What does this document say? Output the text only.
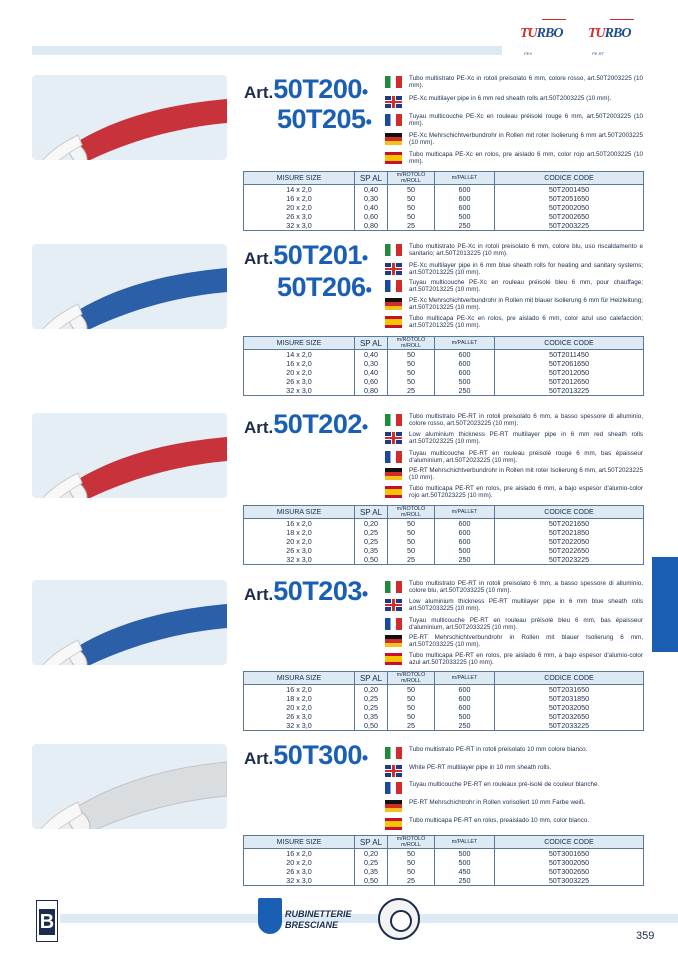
TURBO
PEX
TURBO
PE-RT
Art.50T200•
50T205•
Tubo multistrato PE-Xc in rotoli preisolato 6 mm, colore rosso, art.50T2003225 (10 mm).
PE-Xc multilayer pipe in 6 mm red sheath rolls art.50T2003225 (10 mm).
Tuyau multicouche PE-Xc en rouleau préisolé rouge 6 mm, art.50T2003225 (10 mm).
PE-Xc Mehrschichtverbundrohr in Rollen mit roter Isolierung 6 mm art.50T2003225 (10 mm).
Tubo multicapa PE-Xc en rolos, pre aislado 6 mm, color rojo art.50T2003225 (10 mm).
MISURE SIZE	SP AL	m/ROTOLO m/ROLL	m/PALLET	CODICE CODE
14 x 2,0	0,40	50	600	50T2001450
16 x 2,0	0,30	50	600	50T2051650
20 x 2,0	0,40	50	600	50T2002050
26 x 3,0	0,60	50	500	50T2002650
32 x 3,0	0,80	25	250	50T2003225
Art.50T201•
50T206•
Tubo multistrato PE-Xc in rotoli preisolato 6 mm, colore blu, uso riscaldamento e sanitario; art.50T2013225 (10 mm).
PE-Xc multilayer pipe in 6 mm blue sheath rolls for heating and sanitary systems; art.50T2013225 (10 mm).
Tuyau multicouche PE-Xc en rouleau préisolé bleu 6 mm, pour chauffage; art.50T2013225 (10 mm).
PE-Xc Mehrschichtverbundrohr in Rollen mit blauer Isolierung 6 mm für Heizleitung; art.50T2013225 (10 mm).
Tubo multicapa PE-Xc en rolos, pre aislado 6 mm, color azul uso calefacción; art.50T2013225 (10 mm).
MISURE SIZE	SP AL	m/ROTOLO m/ROLL	m/PALLET	CODICE CODE
14 x 2,0	0,40	50	600	50T2011450
16 x 2,0	0,30	50	600	50T2061650
20 x 2,0	0,40	50	600	50T2012050
26 x 3,0	0,60	50	500	50T2012650
32 x 3,0	0,80	25	250	50T2013225
Art.50T202•
Tubo multistrato PE-RT in rotoli preisolato 6 mm, a basso spessore di alluminio, colore rosso, art.50T2023225 (10 mm).
Low aluminium thickness PE-RT multilayer pipe in 6 mm red sheath rolls art.50T2023225 (10 mm).
Tuyau multicouche PE-RT en rouleau préisolé rouge 6 mm, bas épaisseur d'aluminium, art.50T2023225 (10 mm).
PE-RT Mehrschichtverbundrohr in Rollen mit roter Isolierung 6 mm, art.50T2023225 (10 mm).
Tubo multicapa PE-RT en rolos, pre aislado 6 mm, a bajo espesor d'alumio-color rojo art.50T2023225 (10 mm).
MISURA SIZE	SP AL	m/ROTOLO m/ROLL	m/PALLET	CODICE CODE
16 x 2,0	0,20	50	600	50T2021650
18 x 2,0	0,25	50	600	50T2021850
20 x 2,0	0,25	50	600	50T2022050
26 x 3,0	0,35	50	500	50T2022650
32 x 3,0	0,50	25	250	50T2023225
Art.50T203•
Tubo multistrato PE-RT in rotoli preisolato 6 mm, a basso spessore di alluminio, colore blu, art.50T2033225 (10 mm).
Low aluminium thickness PE-RT multilayer pipe in 6 mm blue sheath rolls art.50T2033225 (10 mm).
Tuyau multicouche PE-RT en rouleau préisolé bleu 6 mm, bas épaisseur d'aluminium, art.50T2033225 (10 mm).
PE-RT Mehrschichtverbundrohr in Rollen mit blauer Isolierung 6 mm, art.50T2033225 (10 mm).
Tubo multicapa PE-RT en rolos, pre aislado 6 mm, a bajo espesor d'alumio-color azul art.50T2033225 (10 mm).
MISURA SIZE	SP AL	m/ROTOLO m/ROLL	m/PALLET	CODICE CODE
16 x 2,0	0,20	50	600	50T2031650
18 x 2,0	0,25	50	600	50T2031850
20 x 2,0	0,25	50	600	50T2032050
26 x 3,0	0,35	50	500	50T2032650
32 x 3,0	0,50	25	250	50T2033225
Art.50T300•	Tubo multistrato PE-RT in rotoli preisolato 10 mm colore bianco.
White PE-RT multilayer pipe in 10 mm sheath rolls.
Tuyau multicouche PE-RT en rouleaux pré-isolé de couleur blanche.
PE-RT Mehrschichtrohr in Rollen vorisoliert 10 mm Farbe weiß.
Tubo multicapa PE-RT en rolos, preaislado 10 mm, color blanco.
MISURE SIZE	SP AL	m/ROTOLO m/ROLL	m/PALLET	CODICE CODE
16 x 2,0	0,20	50	500	50T3001650
20 x 2,0	0,25	50	500	50T3002050
26 x 3,0	0,35	50	450	50T3002650
32 x 3,0	0,50	25	250	50T3003225
B	RUBINETTERIE
BRESCIANE
359
